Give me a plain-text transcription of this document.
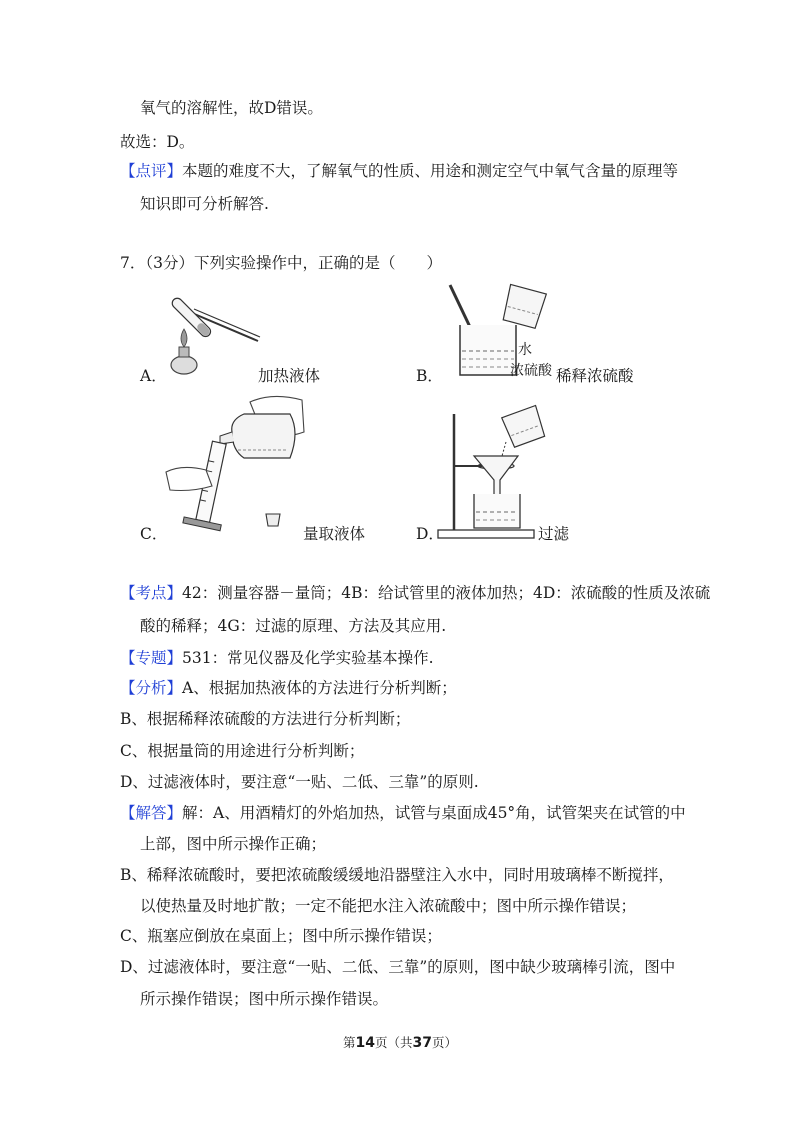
氧气的溶解性，故D错误。
故选：D。
【点评】本题的难度不大，了解氧气的性质、用途和测定空气中氧气含量的原理等
知识即可分析解答.
7．（3分）下列实验操作中，正确的是（　　）
A．	加热液体
水
浓硫酸
B．	稀释浓硫酸
C．	量取液体	D．	过滤
【考点】42：测量容器－量筒；4B：给试管里的液体加热；4D：浓硫酸的性质及浓硫
酸的稀释；4G：过滤的原理、方法及其应用.
【专题】531：常见仪器及化学实验基本操作.
【分析】A、根据加热液体的方法进行分析判断；
B、根据稀释浓硫酸的方法进行分析判断；
C、根据量筒的用途进行分析判断；
D、过滤液体时，要注意“一贴、二低、三靠”的原则.
【解答】解：A、用酒精灯的外焰加热，试管与桌面成45°角，试管架夹在试管的中
上部，图中所示操作正确；
B、稀释浓硫酸时，要把浓硫酸缓缓地沿器壁注入水中，同时用玻璃棒不断搅拌，
以使热量及时地扩散；一定不能把水注入浓硫酸中；图中所示操作错误；
C、瓶塞应倒放在桌面上；图中所示操作错误；
D、过滤液体时，要注意“一贴、二低、三靠”的原则，图中缺少玻璃棒引流，图中
所示操作错误；图中所示操作错误。
第14页（共37页）
